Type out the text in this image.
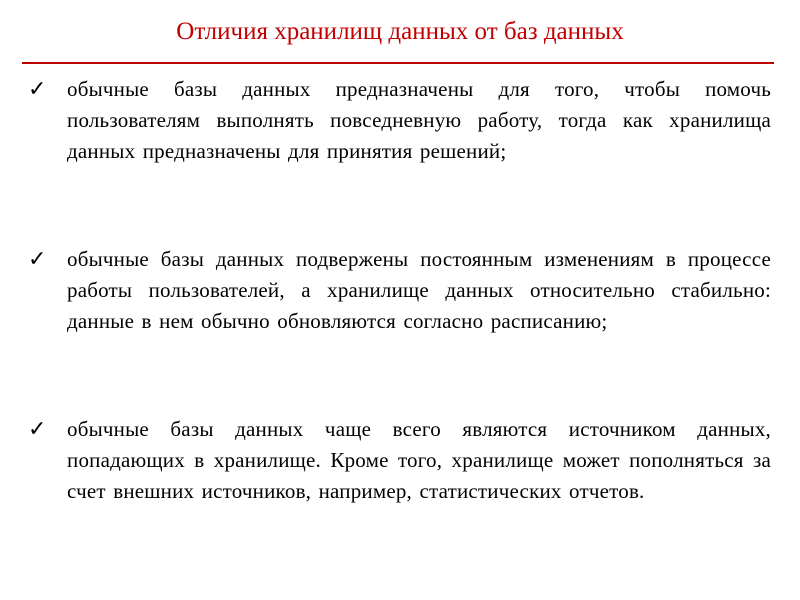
Отличия хранилищ данных от баз данных
✓ обычные базы данных предназначены для того, чтобы помочь пользователям выполнять повседневную работу, тогда как хранилища данных предназначены для принятия решений;
✓ обычные базы данных подвержены постоянным изменениям в процессе работы пользователей, а хранилище данных относительно стабильно: данные в нем обычно обновляются согласно расписанию;
✓ обычные базы данных чаще всего являются источником данных, попадающих в хранилище. Кроме того, хранилище может пополняться за счет внешних источников, например, статистических отчетов.
